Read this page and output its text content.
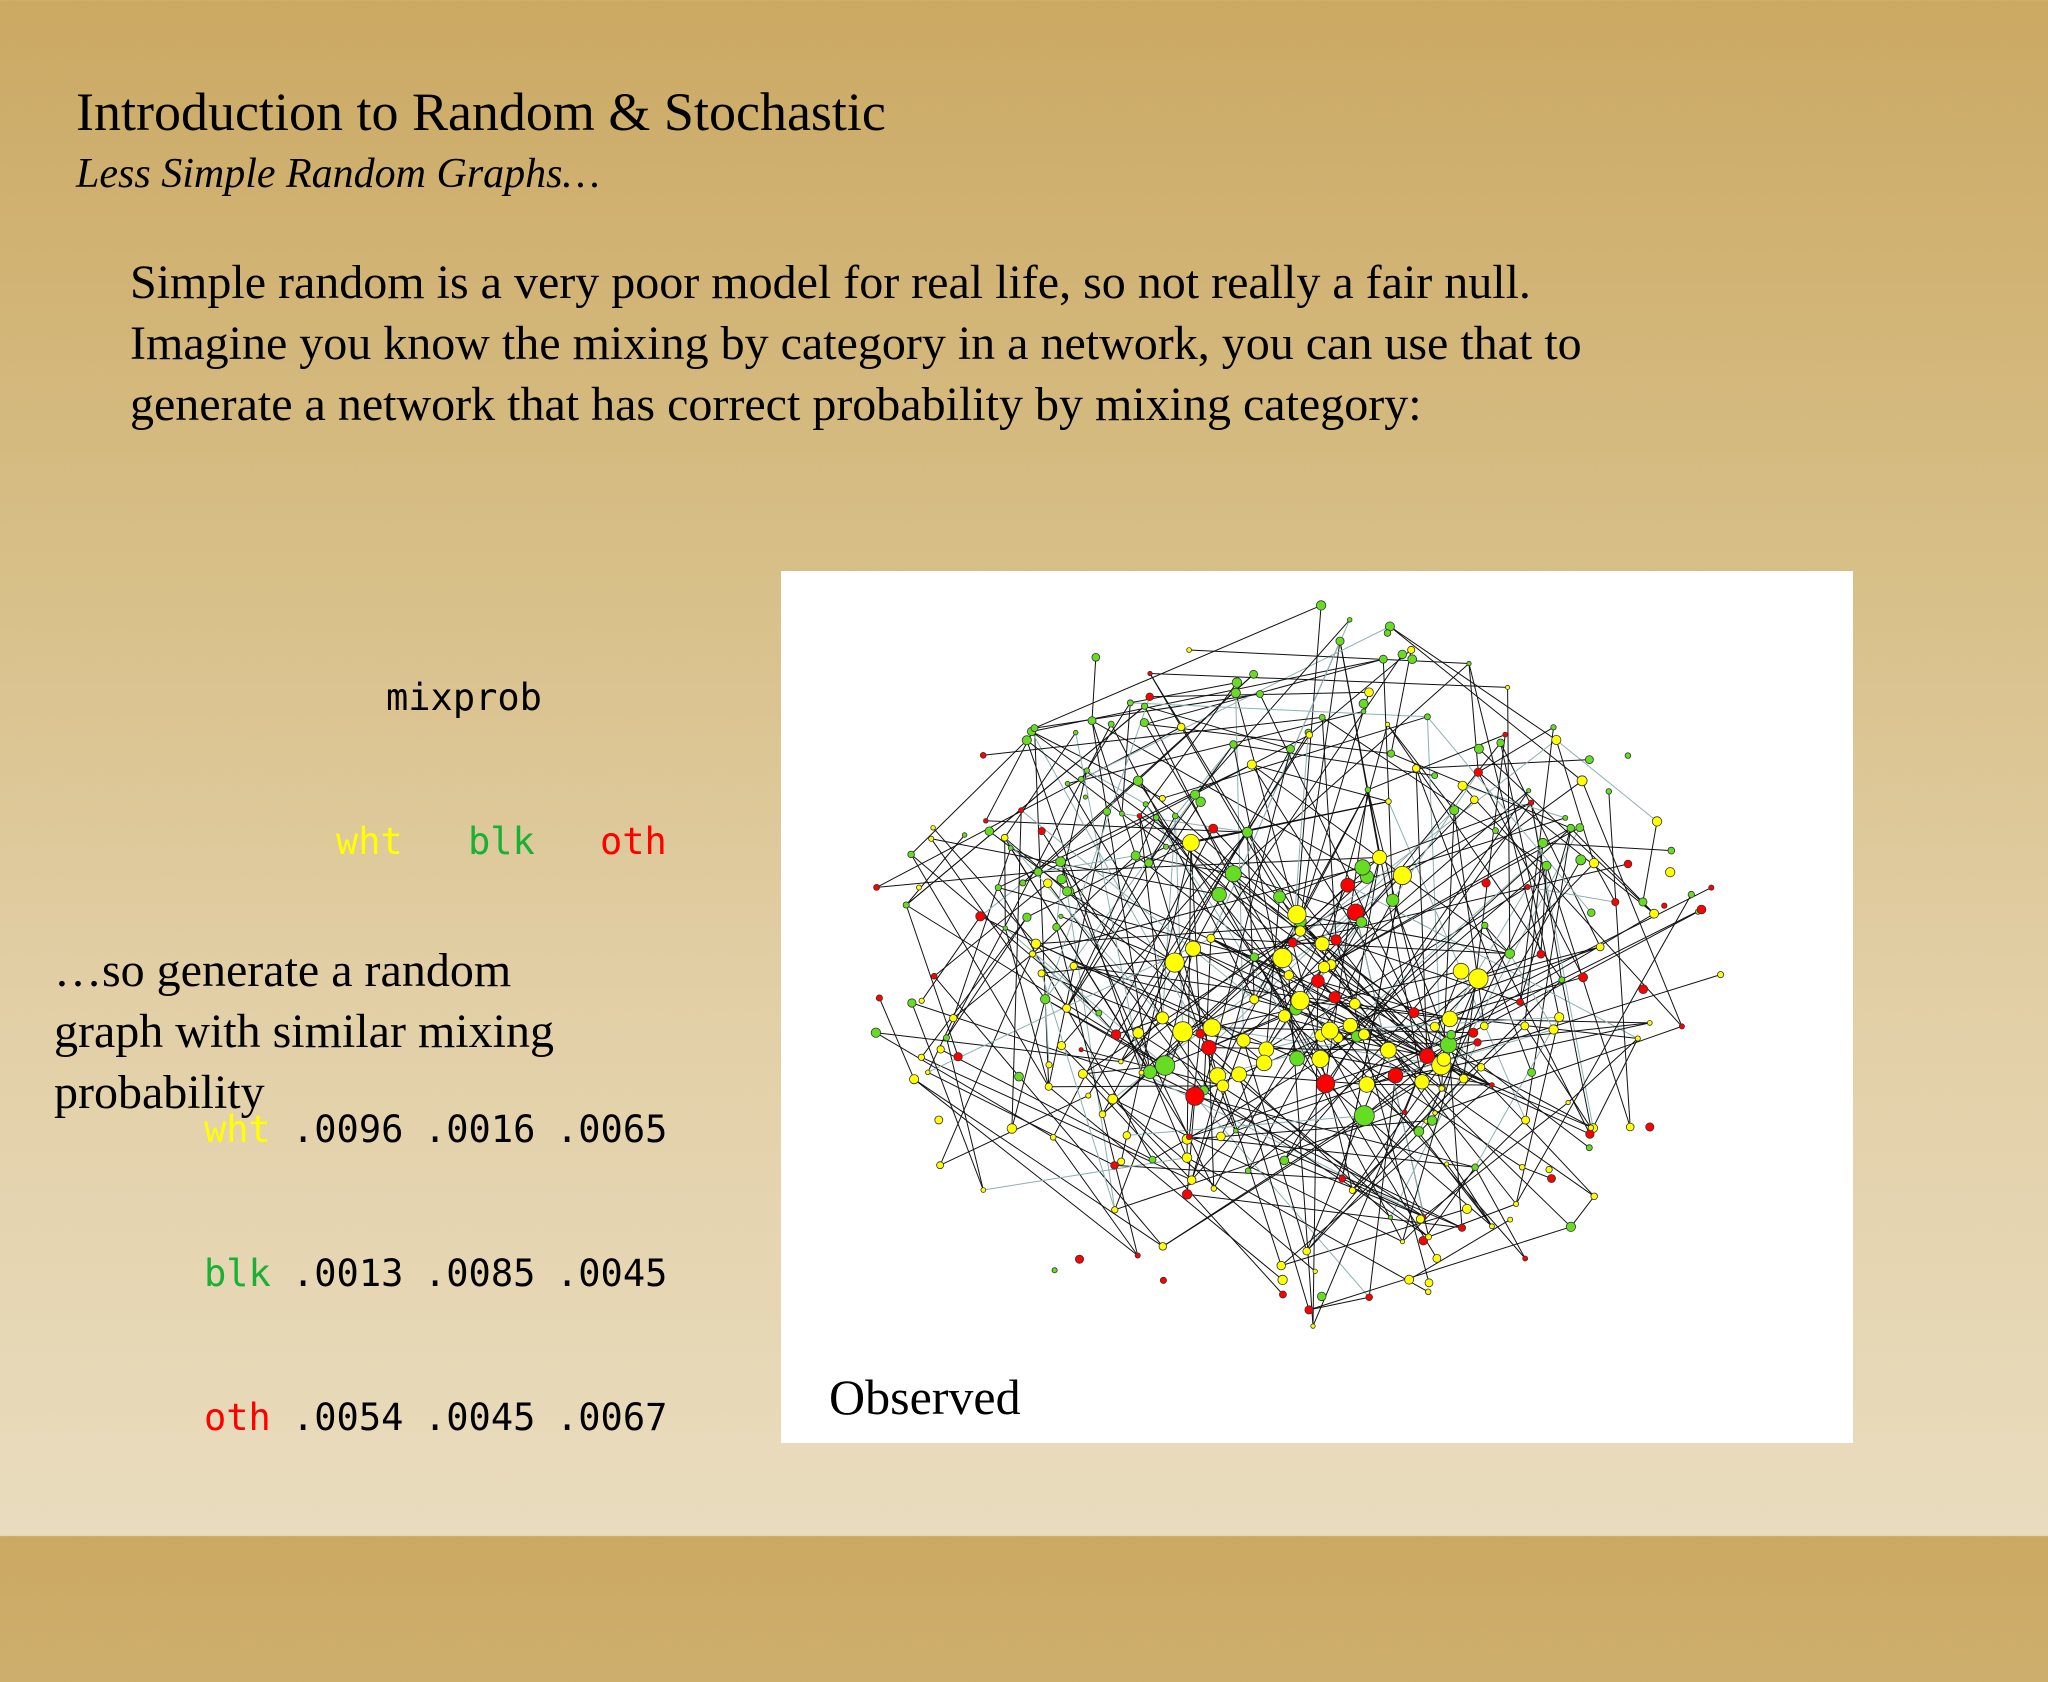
Introduction to Random & Stochastic
Less Simple Random Graphs…
Simple random is a very poor model for real life, so not really a fair null.
Imagine you know the mixing by category in a network, you can use that to
generate a network that has correct probability by mixing category:

mixprob

wht

blk

oth

wht

.0096

.0016

.0065

blk

.0013

.0085

.0045

oth

.0054

.0045

.0067

…so generate a random
graph with similar mixing
probability
Observed
